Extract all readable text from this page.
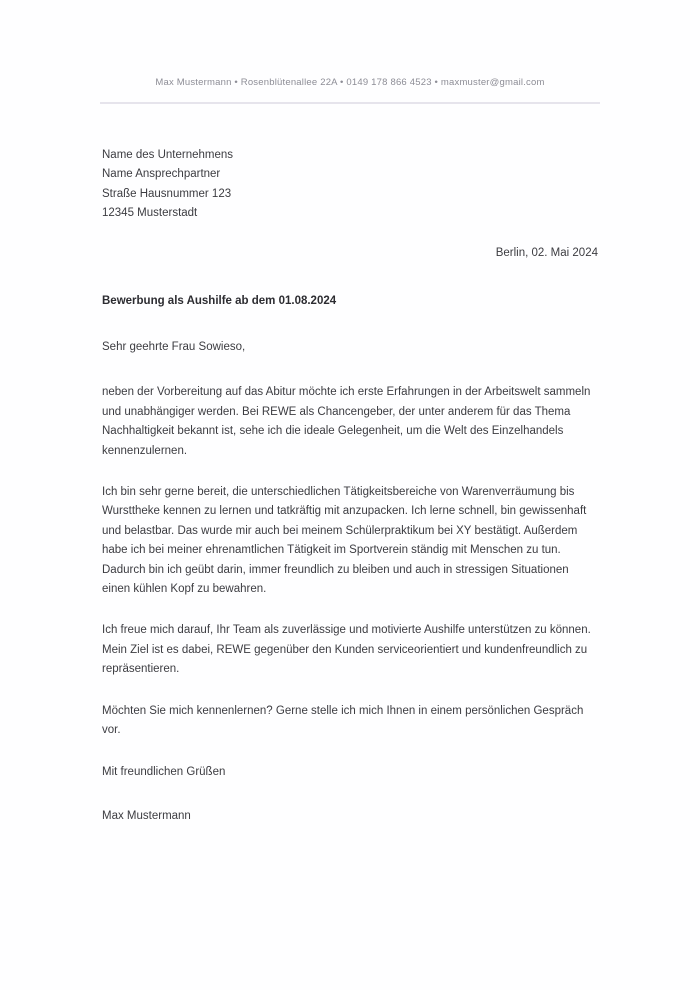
Max Mustermann • Rosenblütenallee 22A • 0149 178 866 4523 • maxmuster@gmail.com
Name des Unternehmens
Name Ansprechpartner
Straße Hausnummer 123
12345 Musterstadt
Berlin, 02. Mai 2024
Bewerbung als Aushilfe ab dem 01.08.2024

Sehr geehrte Frau Sowieso,

neben der Vorbereitung auf das Abitur möchte ich erste Erfahrungen in der Arbeitswelt sammeln und unabhängiger werden. Bei REWE als Chancengeber, der unter anderem für das Thema Nachhaltigkeit bekannt ist, sehe ich die ideale Gelegenheit, um die Welt des Einzelhandels kennenzulernen.

Ich bin sehr gerne bereit, die unterschiedlichen Tätigkeitsbereiche von Warenverräumung bis Wursttheke kennen zu lernen und tatkräftig mit anzupacken. Ich lerne schnell, bin gewissenhaft und belastbar. Das wurde mir auch bei meinem Schülerpraktikum bei XY bestätigt. Außerdem habe ich bei meiner ehrenamtlichen Tätigkeit im Sportverein ständig mit Menschen zu tun. Dadurch bin ich geübt darin, immer freundlich zu bleiben und auch in stressigen Situationen einen kühlen Kopf zu bewahren.

Ich freue mich darauf, Ihr Team als zuverlässige und motivierte Aushilfe unterstützen zu können. Mein Ziel ist es dabei, REWE gegenüber den Kunden serviceorientiert und kundenfreundlich zu repräsentieren.

Möchten Sie mich kennenlernen? Gerne stelle ich mich Ihnen in einem persönlichen Gespräch vor.

Mit freundlichen Grüßen

Max Mustermann
